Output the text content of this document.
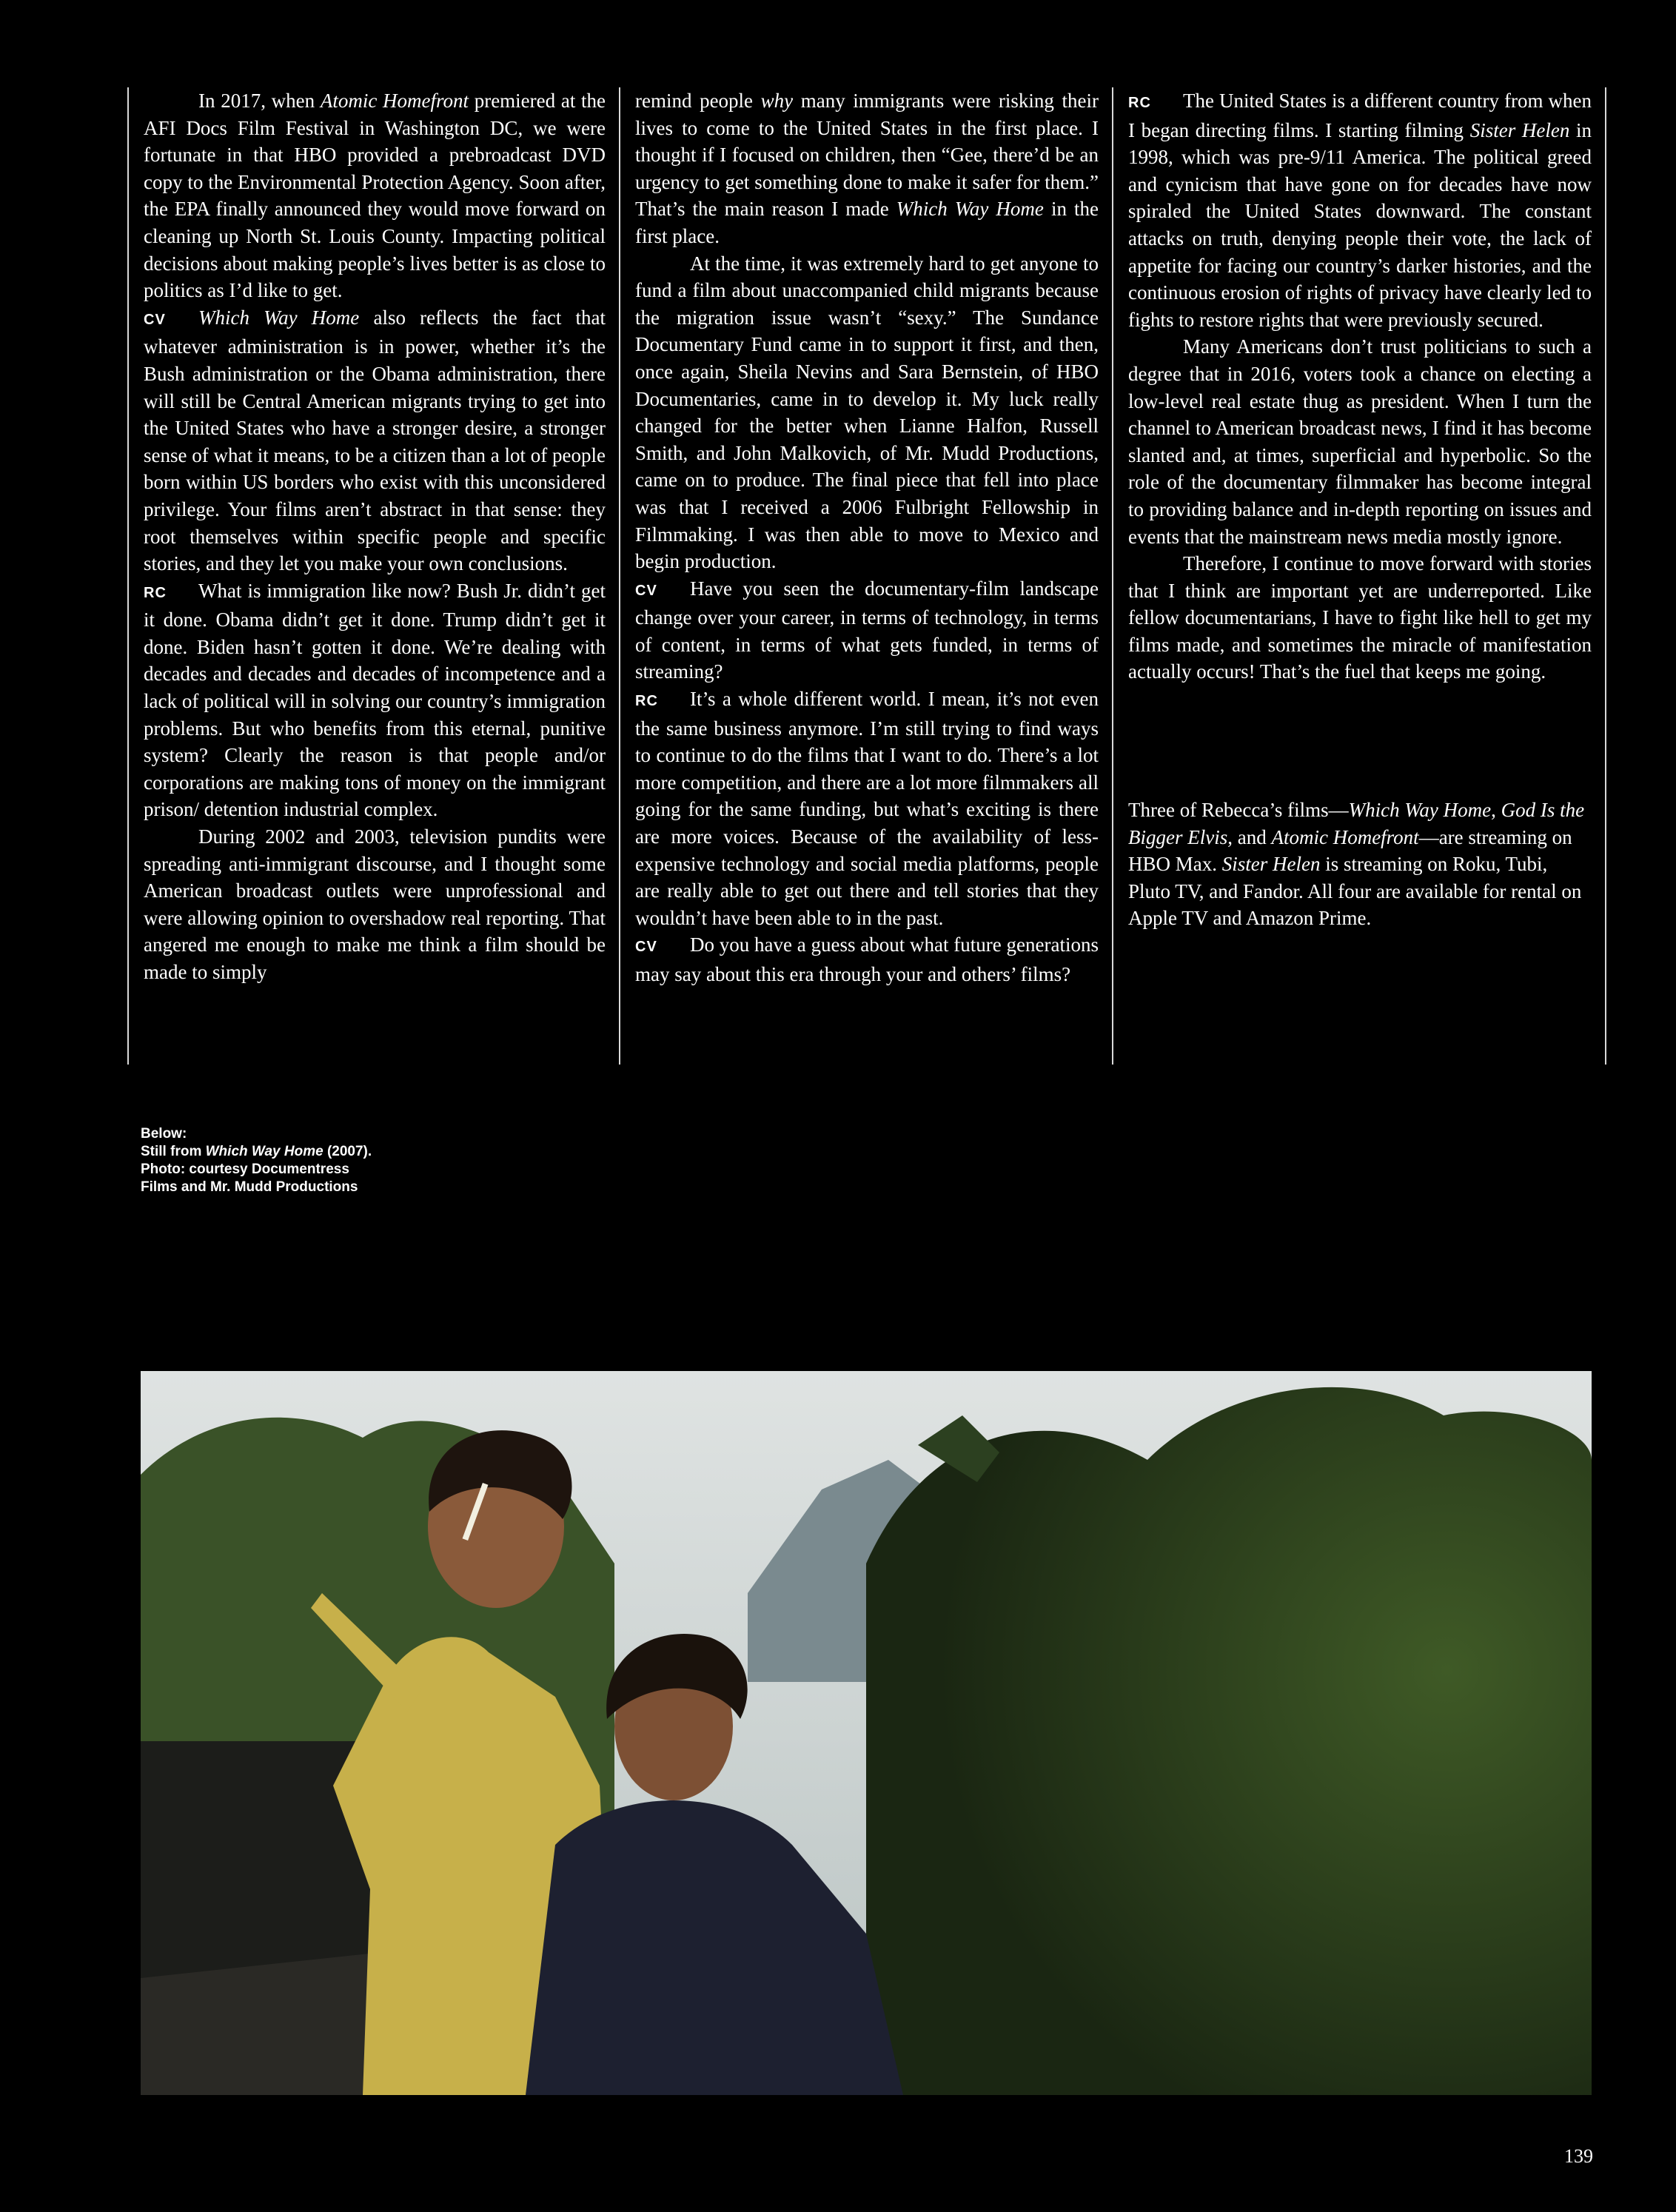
In 2017, when Atomic Homefront premiered at the AFI Docs Film Festival in Washington DC, we were fortunate in that HBO provided a prebroadcast DVD copy to the Environmental Protection Agency. Soon after, the EPA finally announced they would move forward on cleaning up North St. Louis County. Impacting political decisions about making people’s lives better is as close to politics as I’d like to get.

CV Which Way Home also reflects the fact that whatever administration is in power, whether it’s the Bush administration or the Obama administration, there will still be Central American migrants trying to get into the United States who have a stronger desire, a stronger sense of what it means, to be a citizen than a lot of people born within US borders who exist with this unconsidered privilege. Your films aren’t abstract in that sense: they root themselves within specific people and specific stories, and they let you make your own conclusions.

RC What is immigration like now? Bush Jr. didn’t get it done. Obama didn’t get it done. Trump didn’t get it done. Biden hasn’t gotten it done. We’re dealing with decades and decades and decades of incompetence and a lack of political will in solving our country’s immigration problems. But who benefits from this eternal, punitive system? Clearly the reason is that people and/or corporations are making tons of money on the immigrant prison/ detention industrial complex.

During 2002 and 2003, television pundits were spreading anti-immigrant discourse, and I thought some American broadcast outlets were unprofessional and were allowing opinion to overshadow real reporting. That angered me enough to make me think a film should be made to simply

remind people why many immigrants were risking their lives to come to the United States in the first place. I thought if I focused on children, then “Gee, there’d be an urgency to get something done to make it safer for them.” That’s the main reason I made Which Way Home in the first place.

At the time, it was extremely hard to get anyone to fund a film about unaccompanied child migrants because the migration issue wasn’t “sexy.” The Sundance Documentary Fund came in to support it first, and then, once again, Sheila Nevins and Sara Bernstein, of HBO Documentaries, came in to develop it. My luck really changed for the better when Lianne Halfon, Russell Smith, and John Malkovich, of Mr. Mudd Productions, came on to produce. The final piece that fell into place was that I received a 2006 Fulbright Fellowship in Filmmaking. I was then able to move to Mexico and begin production.

CV Have you seen the documentary-film landscape change over your career, in terms of technology, in terms of content, in terms of what gets funded, in terms of streaming?

RC It’s a whole different world. I mean, it’s not even the same business anymore. I’m still trying to find ways to continue to do the films that I want to do. There’s a lot more competition, and there are a lot more filmmakers all going for the same funding, but what’s exciting is there are more voices. Because of the availability of less-expensive technology and social media platforms, people are really able to get out there and tell stories that they wouldn’t have been able to in the past.

CV Do you have a guess about what future generations may say about this era through your and others’ films?

RC The United States is a different country from when I began directing films. I starting filming Sister Helen in 1998, which was pre-9/11 America. The political greed and cynicism that have gone on for decades have now spiraled the United States downward. The constant attacks on truth, denying people their vote, the lack of appetite for facing our country’s darker histories, and the continuous erosion of rights of privacy have clearly led to fights to restore rights that were previously secured.

Many Americans don’t trust politicians to such a degree that in 2016, voters took a chance on electing a low-level real estate thug as president. When I turn the channel to American broadcast news, I find it has become slanted and, at times, superficial and hyperbolic. So the role of the documentary filmmaker has become integral to providing balance and in-depth reporting on issues and events that the mainstream news media mostly ignore.

Therefore, I continue to move forward with stories that I think are important yet are underreported. Like fellow documentarians, I have to fight like hell to get my films made, and sometimes the miracle of manifestation actually occurs! That’s the fuel that keeps me going.

Three of Rebecca’s films—Which Way Home, God Is the Bigger Elvis, and Atomic Homefront—are streaming on HBO Max. Sister Helen is streaming on Roku, Tubi, Pluto TV, and Fandor. All four are available for rental on Apple TV and Amazon Prime.

Below:
Still from Which Way Home (2007). Photo: courtesy Documentress Films and Mr. Mudd Productions
139
